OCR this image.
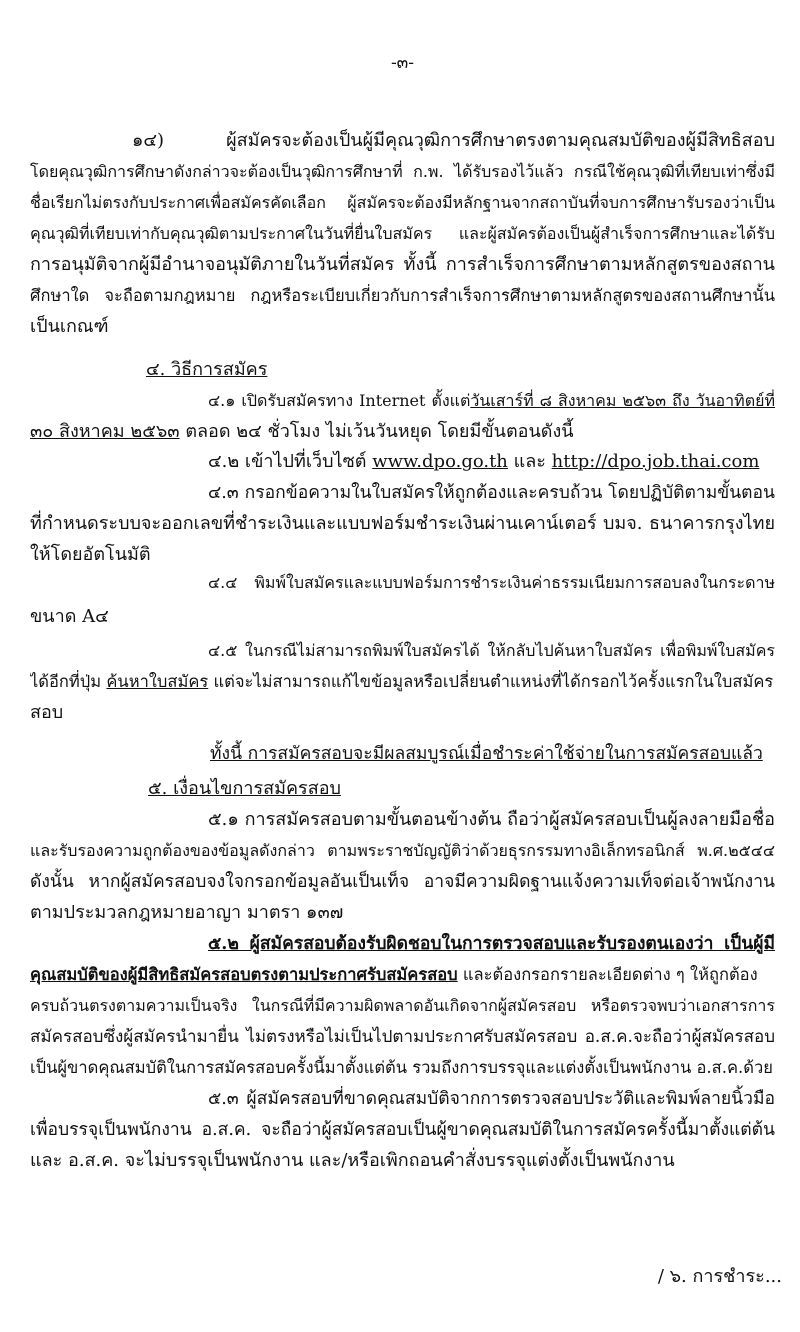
-๓-
๑๔) ผู้สมัครจะต้องเป็นผู้มีคุณวุฒิการศึกษาตรงตามคุณสมบัติของผู้มีสิทธิสอบ
โดยคุณวุฒิการศึกษาดังกล่าวจะต้องเป็นวุฒิการศึกษาที่ ก.พ. ได้รับรองไว้แล้ว กรณีใช้คุณวุฒิที่เทียบเท่าซึ่งมี
ชื่อเรียกไม่ตรงกับประกาศเพื่อสมัครคัดเลือก ผู้สมัครจะต้องมีหลักฐานจากสถาบันที่จบการศึกษารับรองว่าเป็น
คุณวุฒิที่เทียบเท่ากับคุณวุฒิตามประกาศในวันที่ยื่นใบสมัคร และผู้สมัครต้องเป็นผู้สำเร็จการศึกษาและได้รับ
การอนุมัติจากผู้มีอำนาจอนุมัติภายในวันที่สมัคร ทั้งนี้ การสำเร็จการศึกษาตามหลักสูตรของสถาน
ศึกษาใด จะถือตามกฎหมาย กฎหรือระเบียบเกี่ยวกับการสำเร็จการศึกษาตามหลักสูตรของสถานศึกษานั้น
เป็นเกณฑ์
๔. วิธีการสมัคร
๔.๑ เปิดรับสมัครทาง Internet ตั้งแต่วันเสาร์ที่ ๘ สิงหาคม ๒๕๖๓ ถึง วันอาทิตย์ที่
๓๐ สิงหาคม ๒๕๖๓ ตลอด ๒๔ ชั่วโมง ไม่เว้นวันหยุด โดยมีขั้นตอนดังนี้
๔.๒ เข้าไปที่เว็บไซต์ www.dpo.go.th และ http://dpo.job.thai.com
๔.๓ กรอกข้อความในใบสมัครให้ถูกต้องและครบถ้วน โดยปฏิบัติตามขั้นตอน
ที่กำหนดระบบจะออกเลขที่ชำระเงินและแบบฟอร์มชำระเงินผ่านเคาน์เตอร์ บมจ. ธนาคารกรุงไทย
ให้โดยอัตโนมัติ
๔.๔ พิมพ์ใบสมัครและแบบฟอร์มการชำระเงินค่าธรรมเนียมการสอบลงในกระดาษ
ขนาด A๔
๔.๕ ในกรณีไม่สามารถพิมพ์ใบสมัครได้ ให้กลับไปค้นหาใบสมัคร เพื่อพิมพ์ใบสมัคร
ได้อีกที่ปุ่ม ค้นหาใบสมัคร แต่จะไม่สามารถแก้ไขข้อมูลหรือเปลี่ยนตำแหน่งที่ได้กรอกไว้ครั้งแรกในใบสมัคร
สอบ
ทั้งนี้ การสมัครสอบจะมีผลสมบูรณ์เมื่อชำระค่าใช้จ่ายในการสมัครสอบแล้ว
๕. เงื่อนไขการสมัครสอบ
๕.๑ การสมัครสอบตามขั้นตอนข้างต้น ถือว่าผู้สมัครสอบเป็นผู้ลงลายมือชื่อ
และรับรองความถูกต้องของข้อมูลดังกล่าว ตามพระราชบัญญัติว่าด้วยธุรกรรมทางอิเล็กทรอนิกส์ พ.ศ.๒๕๔๔
ดังนั้น หากผู้สมัครสอบจงใจกรอกข้อมูลอันเป็นเท็จ อาจมีความผิดฐานแจ้งความเท็จต่อเจ้าพนักงาน
ตามประมวลกฎหมายอาญา มาตรา ๑๓๗
๕.๒ ผู้สมัครสอบต้องรับผิดชอบในการตรวจสอบและรับรองตนเองว่า เป็นผู้มี
คุณสมบัติของผู้มีสิทธิสมัครสอบตรงตามประกาศรับสมัครสอบ และต้องกรอกรายละเอียดต่าง ๆ ให้ถูกต้อง
ครบถ้วนตรงตามความเป็นจริง ในกรณีที่มีความผิดพลาดอันเกิดจากผู้สมัครสอบ หรือตรวจพบว่าเอกสารการ
สมัครสอบซึ่งผู้สมัครนำมายื่น ไม่ตรงหรือไม่เป็นไปตามประกาศรับสมัครสอบ อ.ส.ค.จะถือว่าผู้สมัครสอบ
เป็นผู้ขาดคุณสมบัติในการสมัครสอบครั้งนี้มาตั้งแต่ต้น รวมถึงการบรรจุและแต่งตั้งเป็นพนักงาน อ.ส.ค.ด้วย
๕.๓ ผู้สมัครสอบที่ขาดคุณสมบัติจากการตรวจสอบประวัติและพิมพ์ลายนิ้วมือ
เพื่อบรรจุเป็นพนักงาน อ.ส.ค. จะถือว่าผู้สมัครสอบเป็นผู้ขาดคุณสมบัติในการสมัครครั้งนี้มาตั้งแต่ต้น
และ อ.ส.ค. จะไม่บรรจุเป็นพนักงาน และ/หรือเพิกถอนคำสั่งบรรจุแต่งตั้งเป็นพนักงาน
/ ๖. การชำระ...
